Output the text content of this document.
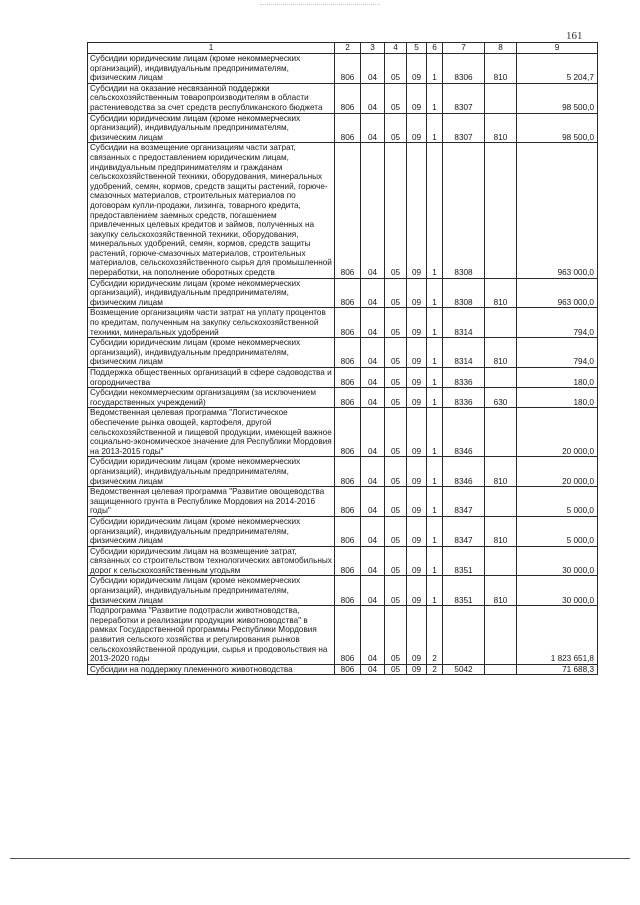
161
1	2	3	4	5	6	7	8	9
Субсидии юридическим лицам (кроме некоммерческих организаций), индивидуальным предпринимателям, физическим лицам	806	04	05	09	1	8306	810	5 204,7
Субсидии на оказание несвязанной поддержки сельскохозяйственным товаропроизводителям в области растениеводства за счет средств республиканского бюджета	806	04	05	09	1	8307		98 500,0
Субсидии юридическим лицам (кроме некоммерческих организаций), индивидуальным предпринимателям, физическим лицам	806	04	05	09	1	8307	810	98 500,0
Субсидии на возмещение организациям части затрат, связанных с предоставлением юридическим лицам, индивидуальным предпринимателям и гражданам сельскохозяйственной техники, оборудования, минеральных удобрений, семян, кормов, средств защиты растений, горюче-смазочных материалов, строительных материалов по договорам купли-продажи, лизинга, товарного кредита, предоставлением заемных средств, погашением привлеченных целевых кредитов и займов, полученных на закупку сельскохозяйственной техники, оборудования, минеральных удобрений, семян, кормов, средств защиты растений, горюче-смазочных материалов, строительных материалов, сельскохозяйственного сырья для промышленной переработки, на пополнение оборотных средств	806	04	05	09	1	8308		963 000,0
Субсидии юридическим лицам (кроме некоммерческих организаций), индивидуальным предпринимателям, физическим лицам	806	04	05	09	1	8308	810	963 000,0
Возмещение организациям части затрат на уплату процентов по кредитам, полученным на закупку сельскохозяйственной техники, минеральных удобрений	806	04	05	09	1	8314		794,0
Субсидии юридическим лицам (кроме некоммерческих организаций), индивидуальным предпринимателям, физическим лицам	806	04	05	09	1	8314	810	794,0
Поддержка общественных организаций в сфере садоводства и огородничества	806	04	05	09	1	8336		180,0
Субсидии некоммерческим организациям (за исключением государственных учреждений)	806	04	05	09	1	8336	630	180,0
Ведомственная целевая программа "Логистическое обеспечение рынка овощей, картофеля, другой сельскохозяйственной и пищевой продукции, имеющей важное социально-экономическое значение для Республики Мордовия на 2013-2015 годы"	806	04	05	09	1	8346		20 000,0
Субсидии юридическим лицам (кроме некоммерческих организаций), индивидуальным предпринимателям, физическим лицам	806	04	05	09	1	8346	810	20 000,0
Ведомственная целевая программа "Развитие овощеводства защищенного грунта в Республике Мордовия на 2014-2016 годы"	806	04	05	09	1	8347		5 000,0
Субсидии юридическим лицам (кроме некоммерческих организаций), индивидуальным предпринимателям, физическим лицам	806	04	05	09	1	8347	810	5 000,0
Субсидии юридическим лицам на возмещение затрат, связанных со строительством технологических автомобильных дорог к сельскохозяйственным угодьям	806	04	05	09	1	8351		30 000,0
Субсидии юридическим лицам (кроме некоммерческих организаций), индивидуальным предпринимателям, физическим лицам	806	04	05	09	1	8351	810	30 000,0
Подпрограмма "Развитие подотрасли животноводства, переработки и реализации продукции животноводства" в рамках Государственной программы Республики Мордовия развития сельского хозяйства и регулирования рынков сельскохозяйственной продукции, сырья и продовольствия на 2013-2020 годы	806	04	05	09	2			1 823 651,8
Субсидии на поддержку племенного животноводства	806	04	05	09	2	5042		71 688,3
